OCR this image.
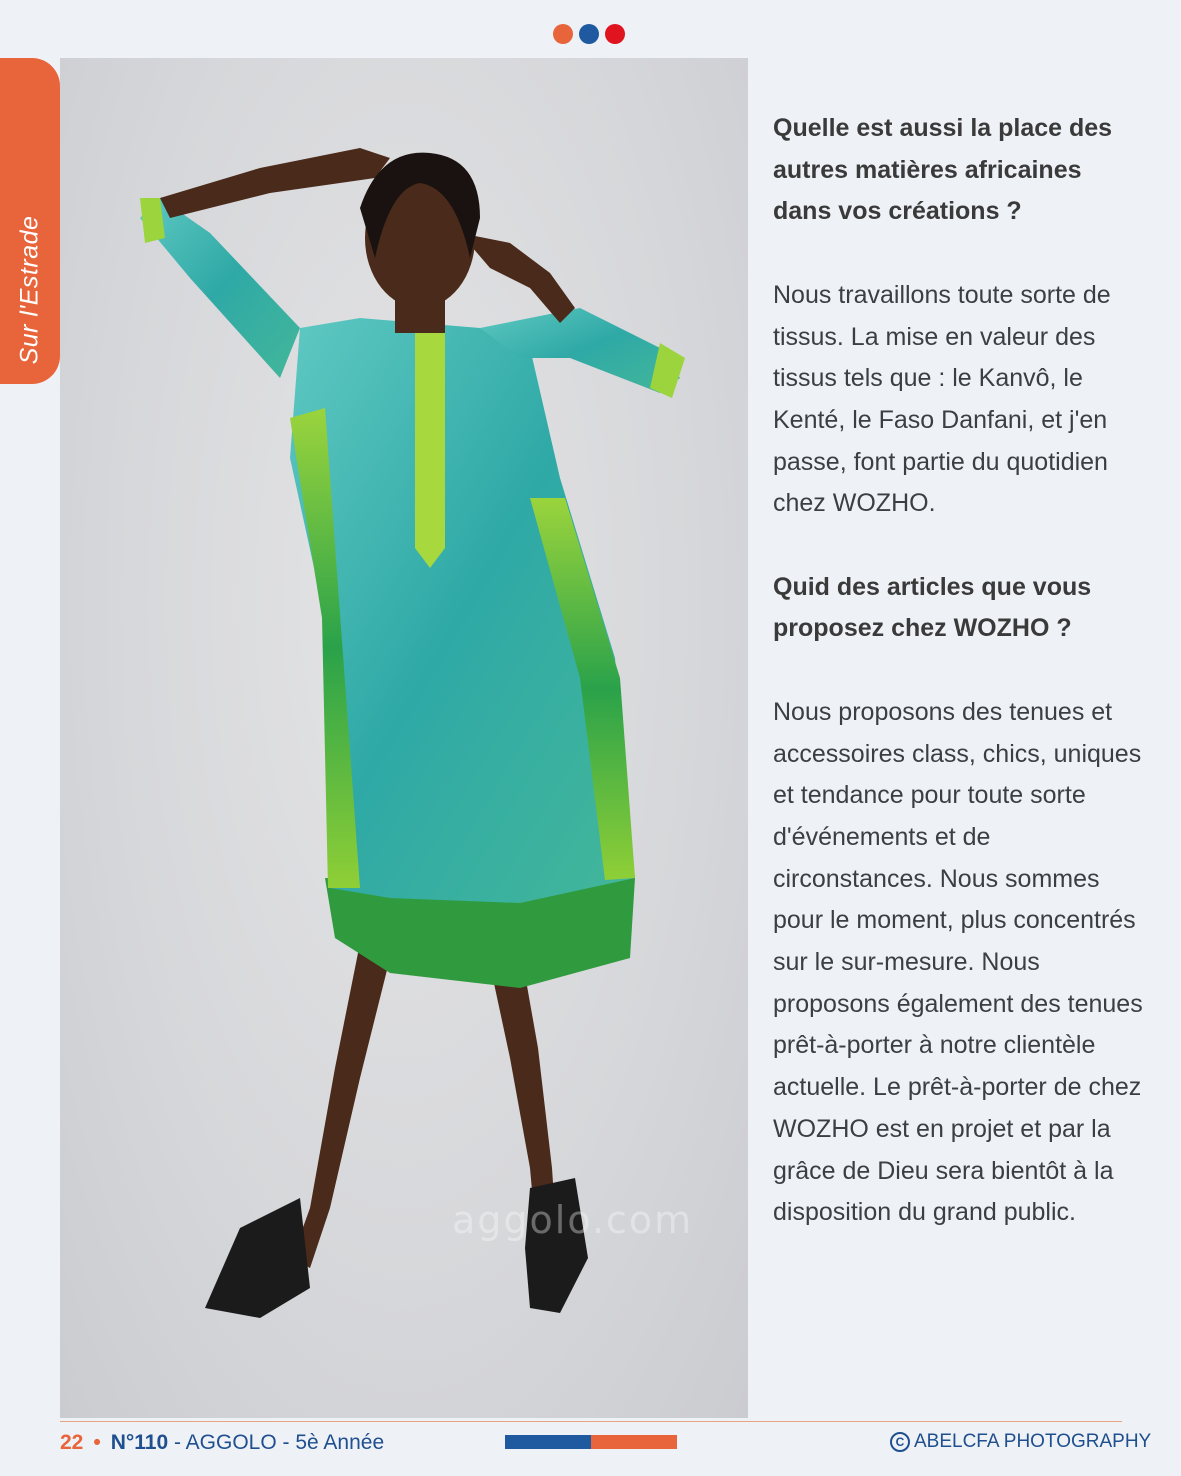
Sur l'Estrade
aggolo.com

Quelle est aussi la place des autres matières africaines dans vos créations ?

Nous travaillons toute sorte de tissus. La mise en valeur des tissus tels que : le Kanvô, le Kenté, le Faso Danfani, et j'en passe, font partie du quotidien chez WOZHO.

Quid des articles que vous proposez chez WOZHO ?

Nous proposons des tenues et accessoires class, chics, uniques et tendance pour toute sorte d'événements et de circonstances. Nous sommes pour le moment, plus concentrés sur le sur-mesure. Nous proposons également des tenues prêt-à-porter à notre clientèle actuelle. Le prêt-à-porter de chez WOZHO est en projet et par la grâce de Dieu sera bientôt à la disposition du grand public.

22 • N°110 - AGGOLO - 5è Année	C ABELCFA PHOTOGRAPHY
